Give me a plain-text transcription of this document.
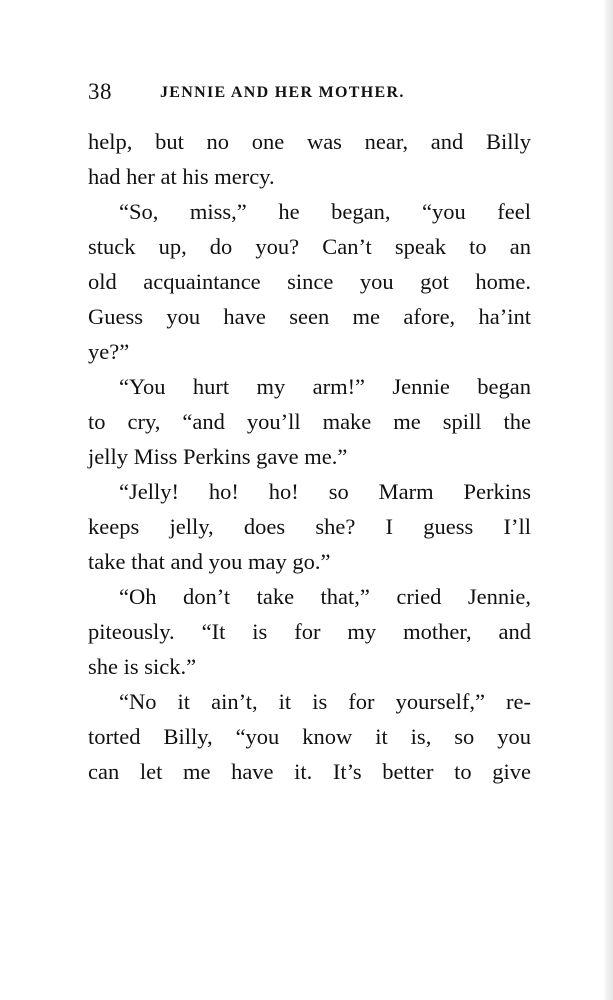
38	JENNIE AND HER MOTHER.
help, but no one was near, and Billy
had her at his mercy.
“So, miss,” he began, “you feel
stuck up, do you? Can’t speak to an
old acquaintance since you got home.
Guess you have seen me afore, ha’int
ye?”
“You hurt my arm!” Jennie began
to cry, “and you’ll make me spill the
jelly Miss Perkins gave me.”
“Jelly! ho! ho! so Marm Perkins
keeps jelly, does she? I guess I’ll
take that and you may go.”
“Oh don’t take that,” cried Jennie,
piteously. “It is for my mother, and
she is sick.”
“No it ain’t, it is for yourself,” re-
torted Billy, “you know it is, so you
can let me have it. It’s better to give
